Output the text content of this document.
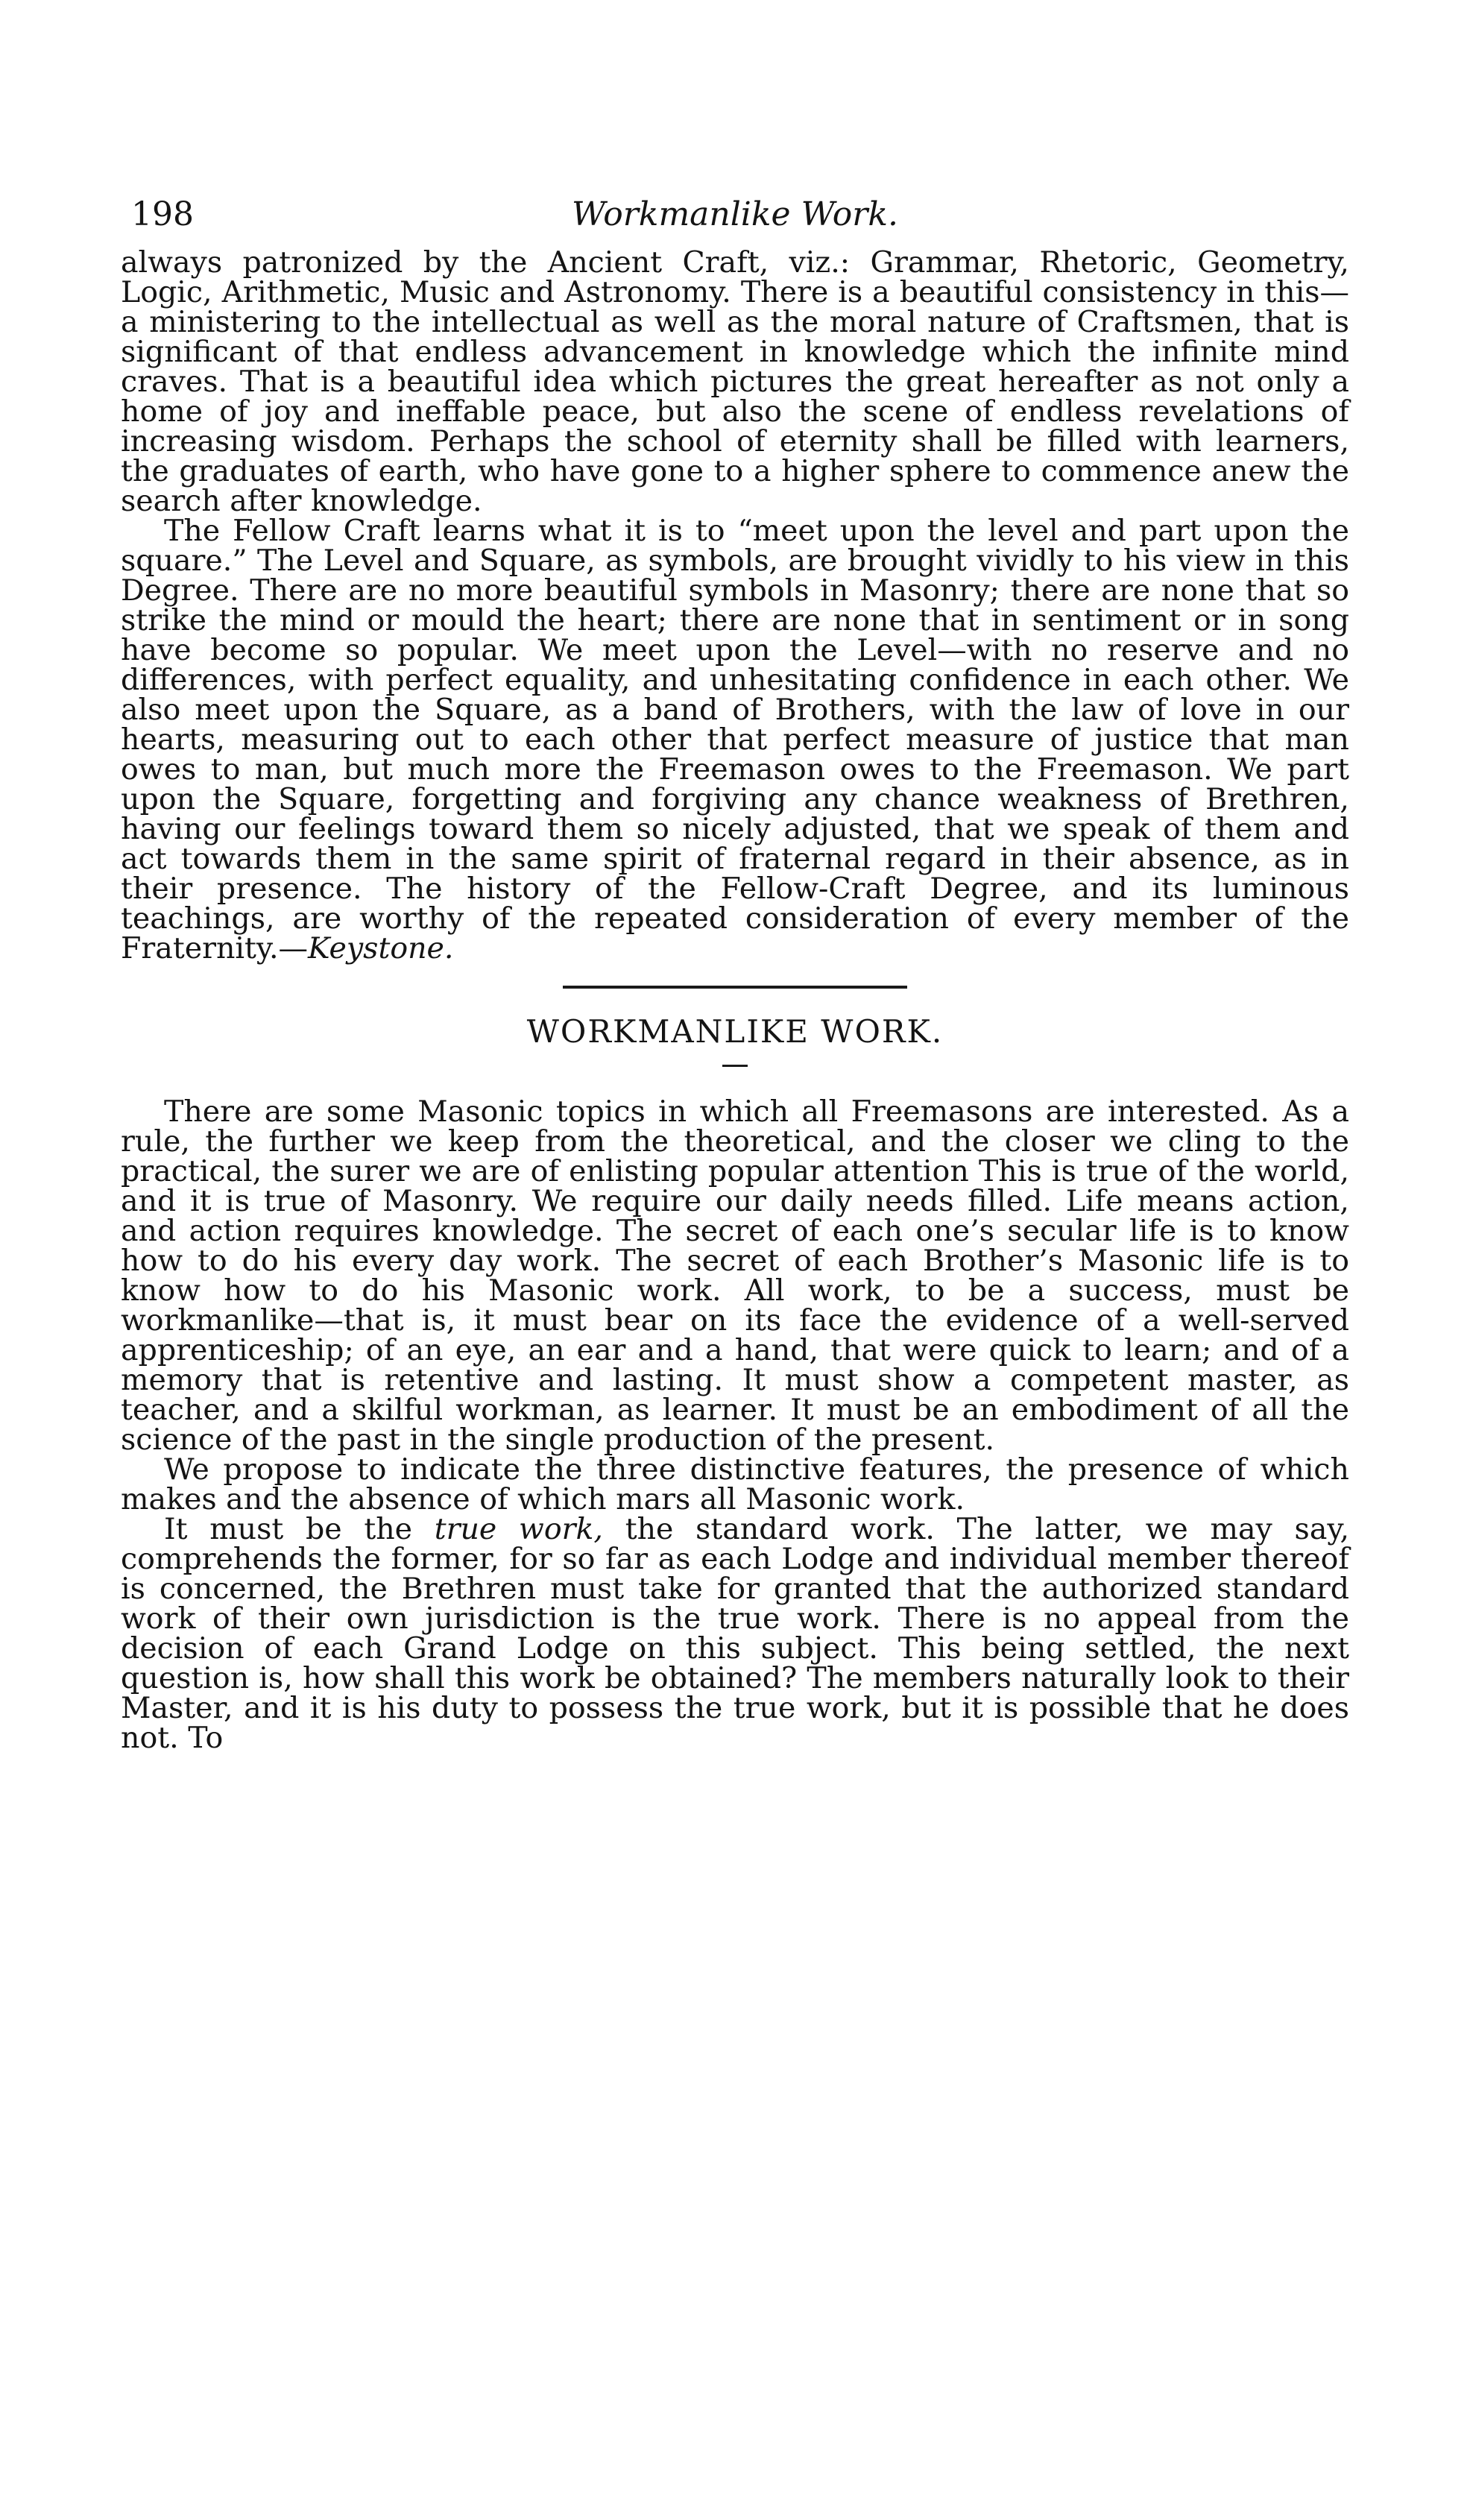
198	Workmanlike Work.

always patronized by the Ancient Craft, viz.: Grammar, Rhetoric, Geometry, Logic, Arithmetic, Music and Astronomy. There is a beautiful consistency in this—a ministering to the intellectual as well as the moral nature of Craftsmen, that is significant of that endless advancement in knowledge which the infinite mind craves. That is a beautiful idea which pictures the great hereafter as not only a home of joy and ineffable peace, but also the scene of endless revelations of increasing wisdom. Perhaps the school of eternity shall be filled with learners, the graduates of earth, who have gone to a higher sphere to commence anew the search after knowledge.

The Fellow Craft learns what it is to “meet upon the level and part upon the square.” The Level and Square, as symbols, are brought vividly to his view in this Degree. There are no more beautiful symbols in Masonry; there are none that so strike the mind or mould the heart; there are none that in sentiment or in song have become so popular. We meet upon the Level—with no reserve and no differences, with perfect equality, and unhesitating confidence in each other. We also meet upon the Square, as a band of Brothers, with the law of love in our hearts, measuring out to each other that perfect measure of justice that man owes to man, but much more the Freemason owes to the Freemason. We part upon the Square, forgetting and forgiving any chance weakness of Brethren, having our feelings toward them so nicely adjusted, that we speak of them and act towards them in the same spirit of fraternal regard in their absence, as in their presence. The history of the Fellow-Craft Degree, and its luminous teachings, are worthy of the repeated consideration of every member of the Fraternity.—Keystone.

WORKMANLIKE WORK.

There are some Masonic topics in which all Freemasons are interested. As a rule, the further we keep from the theoretical, and the closer we cling to the practical, the surer we are of enlisting popular attention This is true of the world, and it is true of Masonry. We require our daily needs filled. Life means action, and action requires knowledge. The secret of each one’s secular life is to know how to do his every day work. The secret of each Brother’s Masonic life is to know how to do his Masonic work. All work, to be a success, must be workmanlike—that is, it must bear on its face the evidence of a well-served apprenticeship; of an eye, an ear and a hand, that were quick to learn; and of a memory that is retentive and lasting. It must show a competent master, as teacher, and a skilful workman, as learner. It must be an embodiment of all the science of the past in the single production of the present.

We propose to indicate the three distinctive features, the presence of which makes and the absence of which mars all Masonic work.

It must be the true work, the standard work. The latter, we may say, comprehends the former, for so far as each Lodge and individual member thereof is concerned, the Brethren must take for granted that the authorized standard work of their own jurisdiction is the true work. There is no appeal from the decision of each Grand Lodge on this subject. This being settled, the next question is, how shall this work be obtained? The members naturally look to their Master, and it is his duty to possess the true work, but it is possible that he does not. To
